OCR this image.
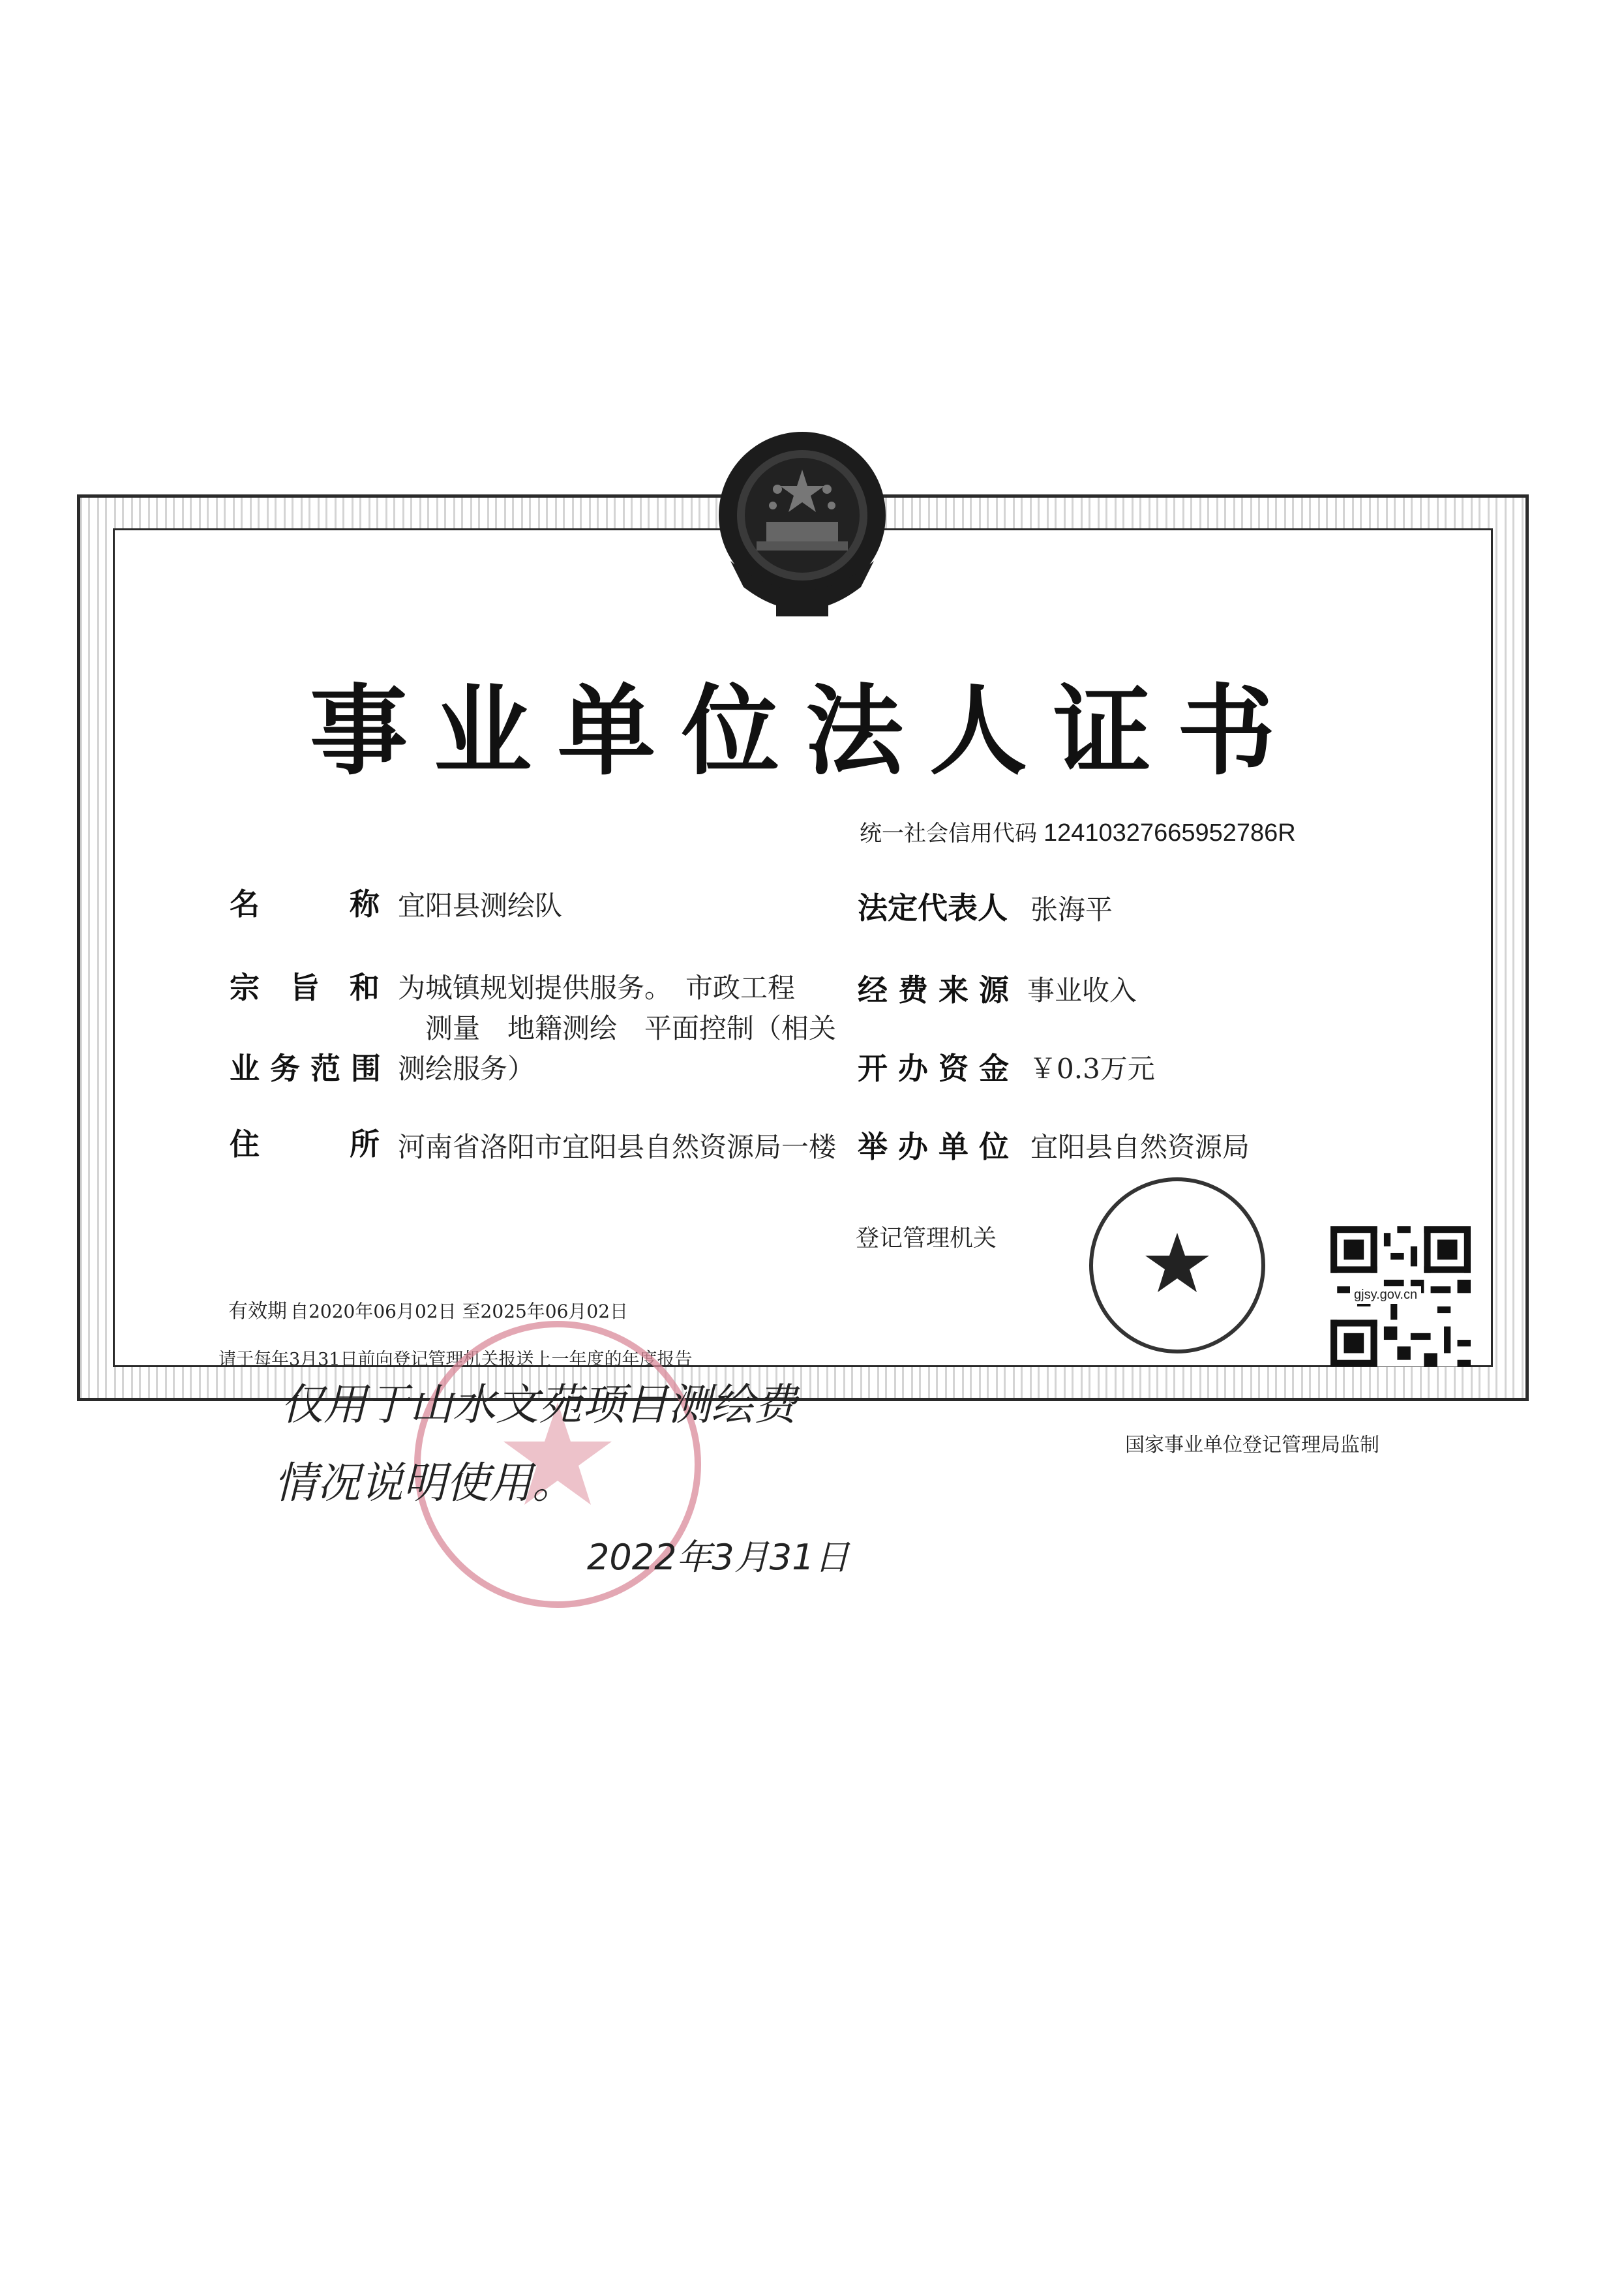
事业单位法人证书
统一社会信用代码 12410327665952786R
名　　　称 宜阳县测绘队
宗　旨　和 为城镇规划提供服务。　市政工程
　测量　地籍测绘　平面控制（相关
业 务 范 围 测绘服务）
住　　　所 河南省洛阳市宜阳县自然资源局一楼
法定代表人 张海平
经 费 来 源 事业收入
开 办 资 金 ￥0.3万元
举 办 单 位 宜阳县自然资源局
登记管理机关
gjsy.gov.cn
有效期 自2020年06月02日 至2025年06月02日
请于每年3月31日前向登记管理机关报送上一年度的年度报告
国家事业单位登记管理局监制
仅用于山水文苑项目测绘费
情况说明使用。
2022年3月31日
